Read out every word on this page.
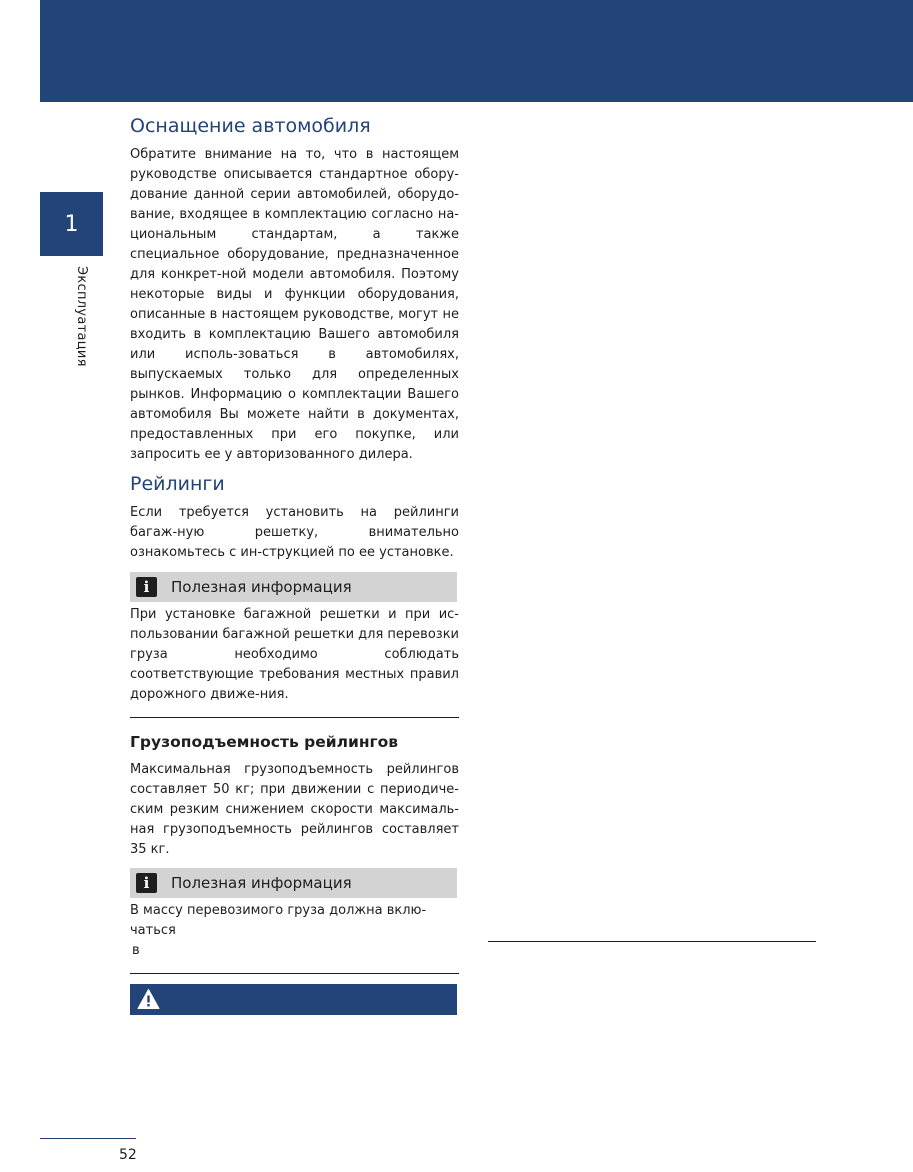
1
Эксплуатация
Оснащение автомобиля

Обратите внимание на то, что в настоящем руководстве описывается стандартное обору-дование данной серии автомобилей, оборудо-вание, входящее в комплектацию согласно на-циональным стандартам, а также специальное оборудование, предназначенное для конкрет-ной модели автомобиля. Поэтому некоторые виды и функции оборудования, описанные в настоящем руководстве, могут не входить в комплектацию Вашего автомобиля или исполь-зоваться в автомобилях, выпускаемых только для определенных рынков. Информацию о комплектации Вашего автомобиля Вы можете найти в документах, предоставленных при его покупке, или запросить ее у авторизованного дилера.

Рейлинги

Если требуется установить на рейлинги багаж-ную решетку, внимательно ознакомьтесь с ин-струкцией по ее установке.

i	Полезная информация

При установке багажной решетки и при ис-пользовании багажной решетки для перевозки груза необходимо соблюдать соответствующие требования местных правил дорожного движе-ния.

Грузоподъемность рейлингов

Максимальная грузоподъемность рейлингов составляет 50 кг; при движении с периодиче-ским резким снижением скорости максималь-ная грузоподъемность рейлингов составляет 35 кг.

i	Полезная информация

В массу перевозимого груза должна вклю-

чаться

в

52
